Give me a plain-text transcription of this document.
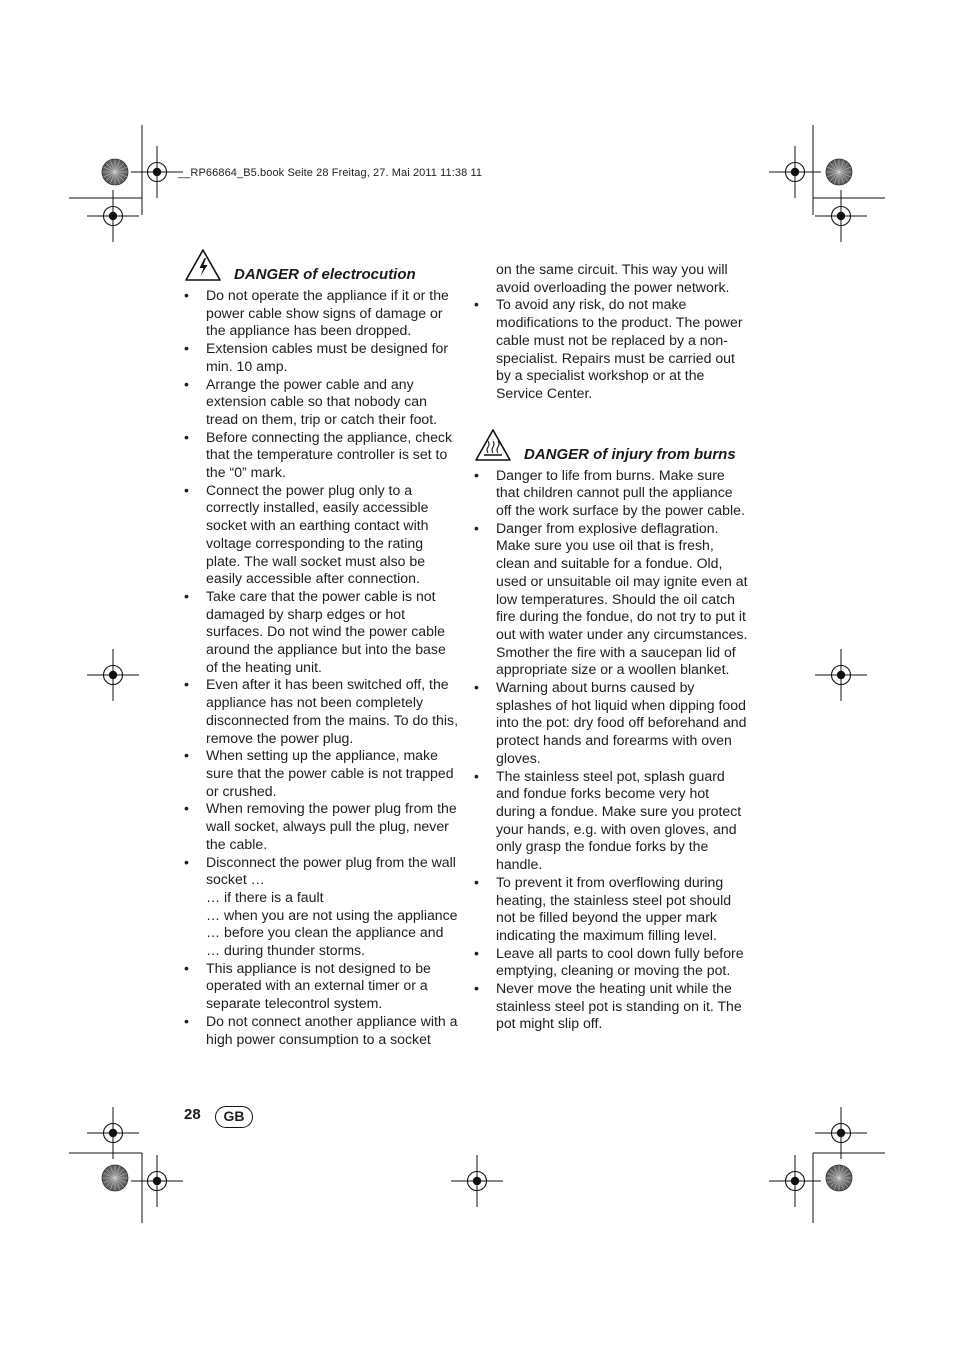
__RP66864_B5.book Seite 28 Freitag, 27. Mai 2011 11:38 11
DANGER of electrocution
• Do not operate the appliance if it or the power cable show signs of damage or the appliance has been dropped.
• Extension cables must be designed for min. 10 amp.
• Arrange the power cable and any extension cable so that nobody can tread on them, trip or catch their foot.
• Before connecting the appliance, check that the temperature controller is set to the “0” mark.
• Connect the power plug only to a correctly installed, easily accessible socket with an earthing contact with voltage corresponding to the rating plate. The wall socket must also be easily accessible after connection.
• Take care that the power cable is not damaged by sharp edges or hot surfaces. Do not wind the power cable around the appliance but into the base of the heating unit.
• Even after it has been switched off, the appliance has not been completely disconnected from the mains. To do this, remove the power plug.
• When setting up the appliance, make sure that the power cable is not trapped or crushed.
• When removing the power plug from the wall socket, always pull the plug, never the cable.
• Disconnect the power plug from the wall socket …
… if there is a fault
… when you are not using the appliance
… before you clean the appliance and
… during thunder storms.
• This appliance is not designed to be operated with an external timer or a separate telecontrol system.
• Do not connect another appliance with a high power consumption to a socket
on the same circuit. This way you will avoid overloading the power network.
• To avoid any risk, do not make modifications to the product. The power cable must not be replaced by a non-specialist. Repairs must be carried out by a specialist workshop or at the Service Center.
DANGER of injury from burns
• Danger to life from burns. Make sure that children cannot pull the appliance off the work surface by the power cable.
• Danger from explosive deflagration. Make sure you use oil that is fresh, clean and suitable for a fondue. Old, used or unsuitable oil may ignite even at low temperatures. Should the oil catch fire during the fondue, do not try to put it out with water under any circumstances. Smother the fire with a saucepan lid of appropriate size or a woollen blanket.
• Warning about burns caused by splashes of hot liquid when dipping food into the pot: dry food off beforehand and protect hands and forearms with oven gloves.
• The stainless steel pot, splash guard and fondue forks become very hot during a fondue. Make sure you protect your hands, e.g. with oven gloves, and only grasp the fondue forks by the handle.
• To prevent it from overflowing during heating, the stainless steel pot should not be filled beyond the upper mark indicating the maximum filling level.
• Leave all parts to cool down fully before emptying, cleaning or moving the pot.
• Never move the heating unit while the stainless steel pot is standing on it. The pot might slip off.
28	GB
